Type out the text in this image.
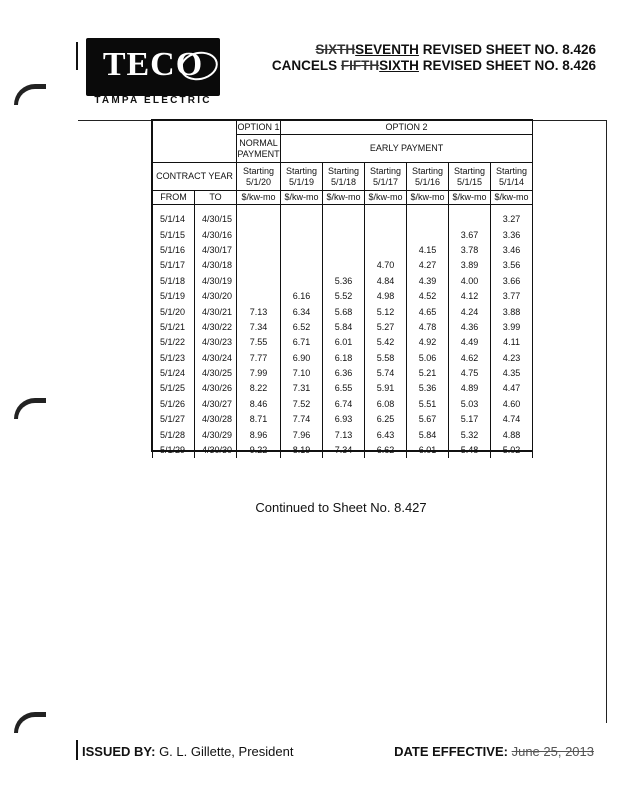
TECO
TAMPA ELECTRIC
SIXTHSEVENTH REVISED SHEET NO. 8.426
CANCELS FIFTHSIXTH REVISED SHEET NO. 8.426
		OPTION 1	OPTION 2					
		NORMAL PAYMENT	EARLY PAYMENT					
CONTRACT YEAR		Starting 5/1/20	Starting 5/1/19	Starting 5/1/18	Starting 5/1/17	Starting 5/1/16	Starting 5/1/15	Starting 5/1/14
FROM	TO	$/kw-mo	$/kw-mo	$/kw-mo	$/kw-mo	$/kw-mo	$/kw-mo	$/kw-mo

5/1/14	4/30/15							3.27
5/1/15	4/30/16						3.67	3.36
5/1/16	4/30/17					4.15	3.78	3.46
5/1/17	4/30/18				4.70	4.27	3.89	3.56
5/1/18	4/30/19			5.36	4.84	4.39	4.00	3.66
5/1/19	4/30/20		6.16	5.52	4.98	4.52	4.12	3.77
5/1/20	4/30/21	7.13	6.34	5.68	5.12	4.65	4.24	3.88
5/1/21	4/30/22	7.34	6.52	5.84	5.27	4.78	4.36	3.99
5/1/22	4/30/23	7.55	6.71	6.01	5.42	4.92	4.49	4.11
5/1/23	4/30/24	7.77	6.90	6.18	5.58	5.06	4.62	4.23
5/1/24	4/30/25	7.99	7.10	6.36	5.74	5.21	4.75	4.35
5/1/25	4/30/26	8.22	7.31	6.55	5.91	5.36	4.89	4.47
5/1/26	4/30/27	8.46	7.52	6.74	6.08	5.51	5.03	4.60
5/1/27	4/30/28	8.71	7.74	6.93	6.25	5.67	5.17	4.74
5/1/28	4/30/29	8.96	7.96	7.13	6.43	5.84	5.32	4.88
5/1/29	4/30/30	9.22	8.19	7.34	6.62	6.01	5.48	5.02
Continued to Sheet No. 8.427
ISSUED BY: G. L. Gillette, President	DATE EFFECTIVE: June 25, 2013
